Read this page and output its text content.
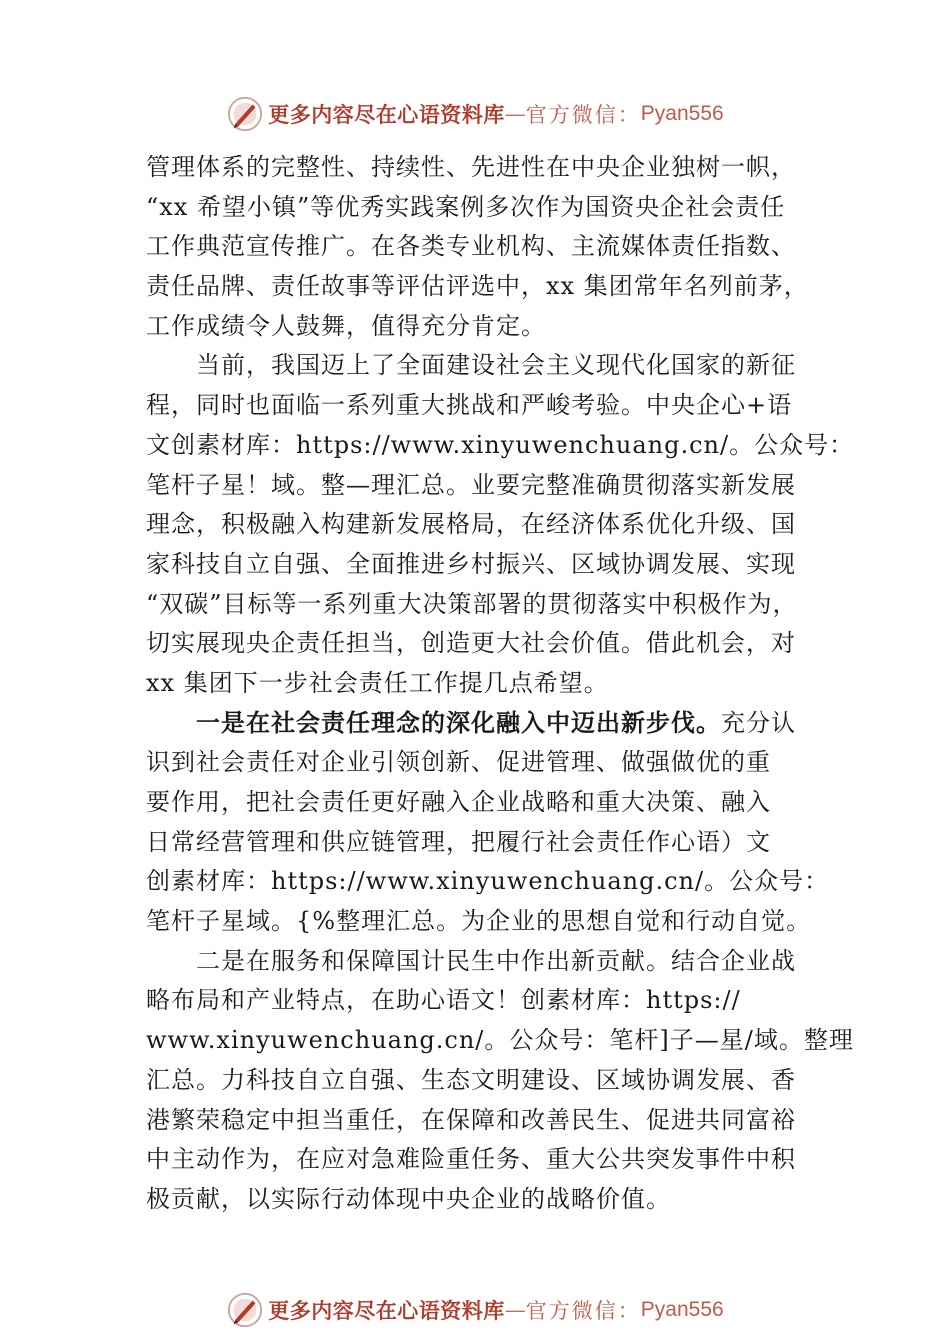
更多内容尽在心语资料库 — 官方微信： Pyan556
管理体系的完整性、持续性、先进性在中央企业独树一帜，
“xx 希望小镇”等优秀实践案例多次作为国资央企社会责任
工作典范宣传推广。在各类专业机构、主流媒体责任指数、
责任品牌、责任故事等评估评选中，xx 集团常年名列前茅，
工作成绩令人鼓舞，值得充分肯定。
当前，我国迈上了全面建设社会主义现代化国家的新征
程，同时也面临一系列重大挑战和严峻考验。中央企心+语
文创素材库：https://www.xinyuwenchuang.cn/。公众号：
笔杆子星！域。整—理汇总。业要完整准确贯彻落实新发展
理念，积极融入构建新发展格局，在经济体系优化升级、国
家科技自立自强、全面推进乡村振兴、区域协调发展、实现
“双碳”目标等一系列重大决策部署的贯彻落实中积极作为，
切实展现央企责任担当，创造更大社会价值。借此机会，对
xx 集团下一步社会责任工作提几点希望。
一是在社会责任理念的深化融入中迈出新步伐。充分认
识到社会责任对企业引领创新、促进管理、做强做优的重
要作用，把社会责任更好融入企业战略和重大决策、融入
日常经营管理和供应链管理，把履行社会责任作心语）文
创素材库：https://www.xinyuwenchuang.cn/。公众号：
笔杆子星域。{%整理汇总。为企业的思想自觉和行动自觉。
二是在服务和保障国计民生中作出新贡献。结合企业战
略布局和产业特点，在助心语文！创素材库：https://
www.xinyuwenchuang.cn/。公众号：笔杆]子—星/域。整理
汇总。力科技自立自强、生态文明建设、区域协调发展、香
港繁荣稳定中担当重任，在保障和改善民生、促进共同富裕
中主动作为，在应对急难险重任务、重大公共突发事件中积
极贡献，以实际行动体现中央企业的战略价值。
更多内容尽在心语资料库 — 官方微信： Pyan556
